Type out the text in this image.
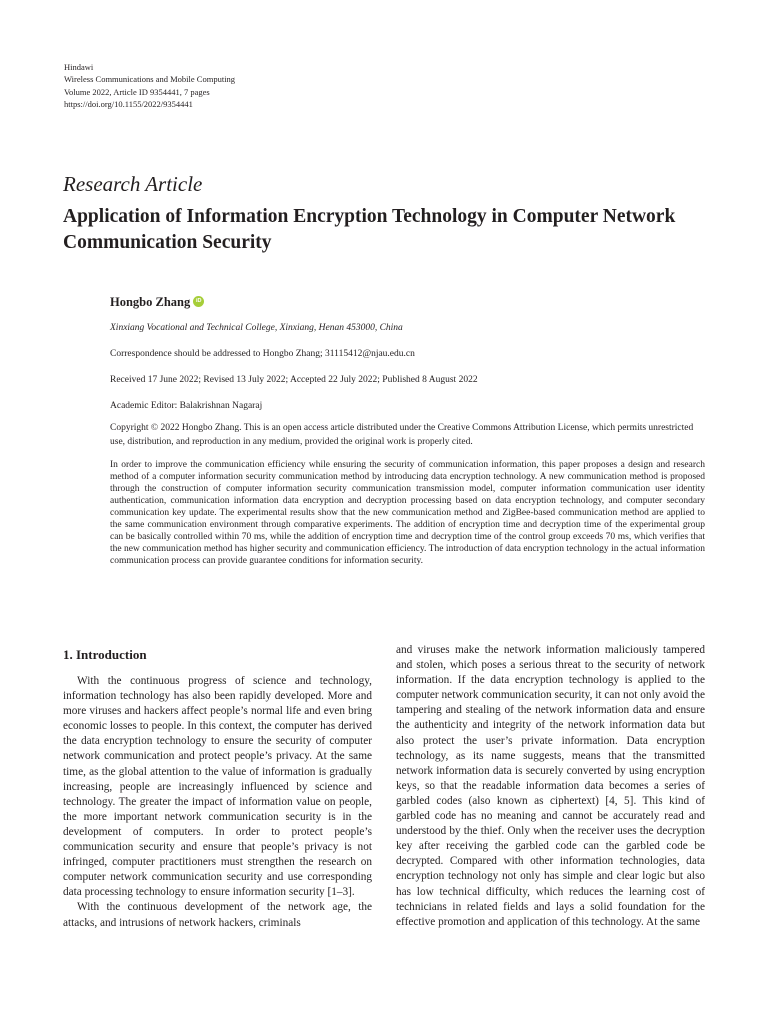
Hindawi
Wireless Communications and Mobile Computing
Volume 2022, Article ID 9354441, 7 pages
https://doi.org/10.1155/2022/9354441
Research Article
Application of Information Encryption Technology in Computer Network Communication Security
Hongbo Zhang	iD
Xinxiang Vocational and Technical College, Xinxiang, Henan 453000, China
Correspondence should be addressed to Hongbo Zhang; 31115412@njau.edu.cn
Received 17 June 2022; Revised 13 July 2022; Accepted 22 July 2022; Published 8 August 2022
Academic Editor: Balakrishnan Nagaraj
Copyright © 2022 Hongbo Zhang. This is an open access article distributed under the Creative Commons Attribution License, which permits unrestricted use, distribution, and reproduction in any medium, provided the original work is properly cited.
In order to improve the communication efficiency while ensuring the security of communication information, this paper proposes a design and research method of a computer information security communication method by introducing data encryption technology. A new communication method is proposed through the construction of computer information security communication transmission model, computer information communication user identity authentication, communication information data encryption and decryption processing based on data encryption technology, and computer secondary communication key update. The experimental results show that the new communication method and ZigBee-based communication method are applied to the same communication environment through comparative experiments. The addition of encryption time and decryption time of the experimental group can be basically controlled within 70 ms, while the addition of encryption time and decryption time of the control group exceeds 70 ms, which verifies that the new communication method has higher security and communication efficiency. The introduction of data encryption technology in the actual information communication process can provide guarantee conditions for information security.
1. Introduction

With the continuous progress of science and technology, information technology has also been rapidly developed. More and more viruses and hackers affect people’s normal life and even bring economic losses to people. In this context, the computer has derived the data encryption technology to ensure the security of computer network communication and protect people’s privacy. At the same time, as the global attention to the value of information is gradually increasing, people are increasingly influenced by science and technology. The greater the impact of information value on people, the more important network communication security is in the development of computers. In order to protect people’s communication security and ensure that people’s privacy is not infringed, computer practitioners must strengthen the research on computer network communication security and use corresponding data processing technology to ensure information security [1–3].

With the continuous development of the network age, the attacks, and intrusions of network hackers, criminals

and viruses make the network information maliciously tampered and stolen, which poses a serious threat to the security of network information. If the data encryption technology is applied to the computer network communication security, it can not only avoid the tampering and stealing of the network information data and ensure the authenticity and integrity of the network information data but also protect the user’s private information. Data encryption technology, as its name suggests, means that the transmitted network information data is securely converted by using encryption keys, so that the readable information data becomes a series of garbled codes (also known as ciphertext) [4, 5]. This kind of garbled code has no meaning and cannot be accurately read and understood by the thief. Only when the receiver uses the decryption key after receiving the garbled code can the garbled code be decrypted. Compared with other information technologies, data encryption technology not only has simple and clear logic but also has low technical difficulty, which reduces the learning cost of technicians in related fields and lays a solid foundation for the effective promotion and application of this technology. At the same
